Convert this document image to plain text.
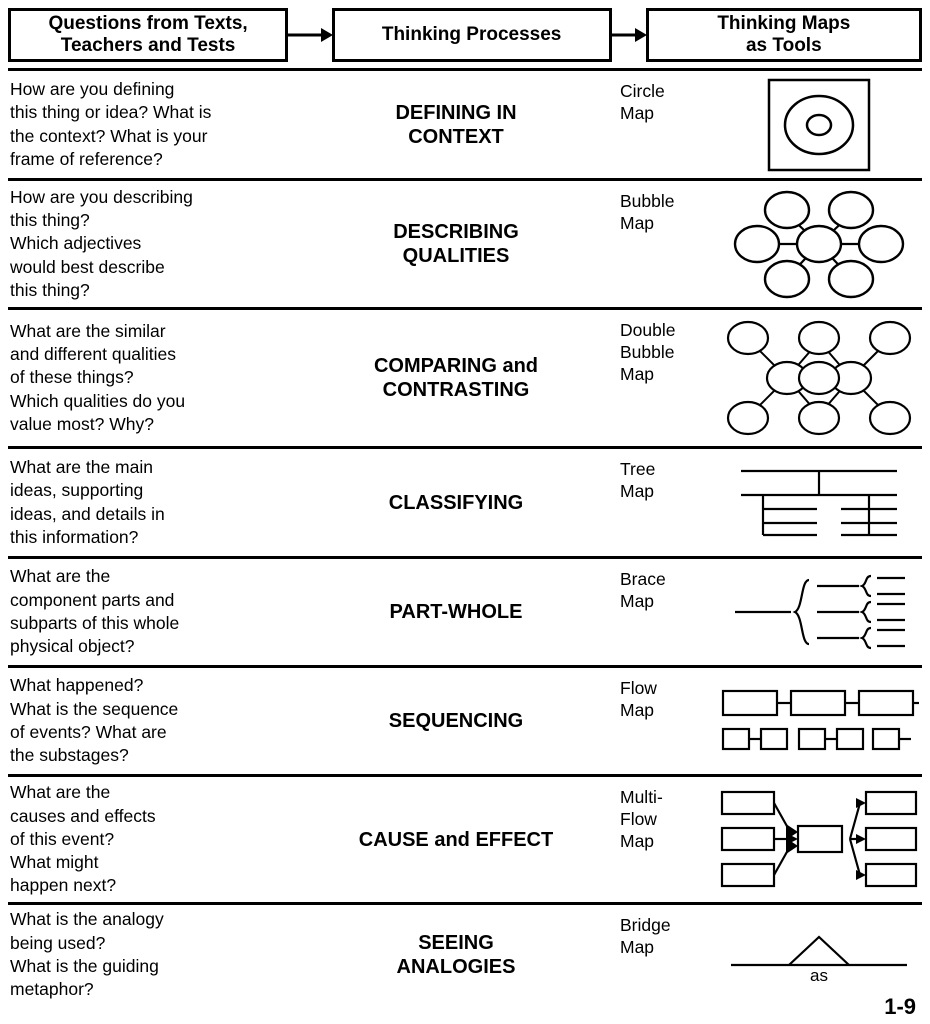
Questions from Texts,
Teachers and Tests
Thinking Processes
Thinking Maps
as Tools
How are you defining
this thing or idea? What is
the context? What is your
frame of reference?
DEFINING IN
CONTEXT
Circle
Map
How are you describing
this thing?
Which adjectives
would best describe
this thing?
DESCRIBING
QUALITIES
Bubble
Map
What are the similar
and different qualities
of these things?
Which qualities do you
value most? Why?
COMPARING and
CONTRASTING
Double
Bubble
Map
What are the main
ideas, supporting
ideas, and details in
this information?
CLASSIFYING
Tree
Map
What are the
component parts and
subparts of this whole
physical object?
PART-WHOLE
Brace
Map
What happened?
What is the sequence
of events? What are
the substages?
SEQUENCING
Flow
Map
What are the
causes and effects
of this event?
What might
happen next?
CAUSE and EFFECT
Multi-
Flow
Map
What is the analogy
being used?
What is the guiding
metaphor?
SEEING
ANALOGIES
Bridge
Map
as
1-9
